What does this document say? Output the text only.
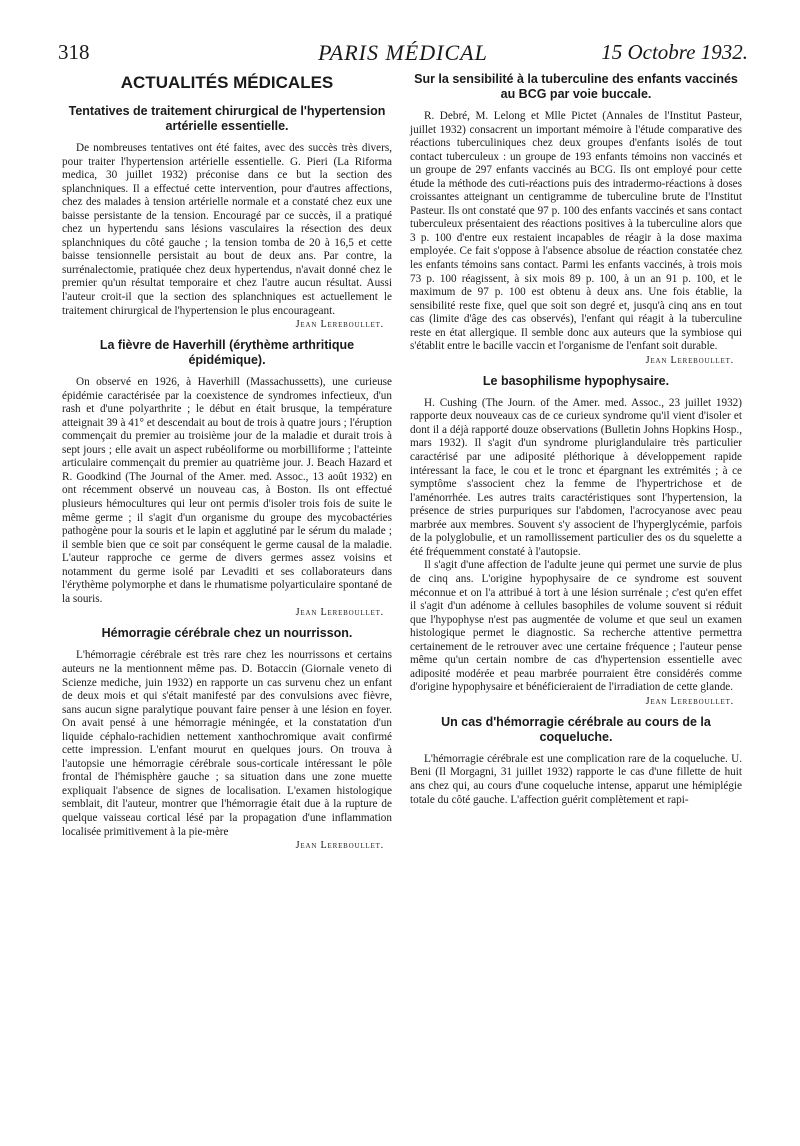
318	PARIS MÉDICAL	15 Octobre 1932.
ACTUALITÉS MÉDICALES
Tentatives de traitement chirurgical de l'hypertension artérielle essentielle.

De nombreuses tentatives ont été faites, avec des succès très divers, pour traiter l'hypertension artérielle essentielle. G. Pieri (La Riforma medica, 30 juillet 1932) préconise dans ce but la section des splanchniques. Il a effectué cette intervention, pour d'autres affections, chez des malades à tension artérielle normale et a constaté chez eux une baisse persistante de la tension. Encouragé par ce succès, il a pratiqué chez un hypertendu sans lésions vasculaires la résection des deux splanchniques du côté gauche ; la tension tomba de 20 à 16,5 et cette baisse tensionnelle persistait au bout de deux ans. Par contre, la surrénalectomie, pratiquée chez deux hypertendus, n'avait donné chez le premier qu'un résultat temporaire et chez l'autre aucun résultat. Aussi l'auteur croit-il que la section des splanchniques est actuellement le traitement chirurgical de l'hypertension le plus encourageant.

Jean Lereboullet.
La fièvre de Haverhill (érythème arthritique épidémique).

On observé en 1926, à Haverhill (Massachussetts), une curieuse épidémie caractérisée par la coexistence de syndromes infectieux, d'un rash et d'une polyarthrite ; le début en était brusque, la température atteignait 39 à 41° et descendait au bout de trois à quatre jours ; l'éruption commençait du premier au troisième jour de la maladie et durait trois à sept jours ; elle avait un aspect rubéoliforme ou morbilliforme ; l'atteinte articulaire commençait du premier au quatrième jour. J. Beach Hazard et R. Goodkind (The Journal of the Amer. med. Assoc., 13 août 1932) en ont récemment observé un nouveau cas, à Boston. Ils ont effectué plusieurs hémocultures qui leur ont permis d'isoler trois fois de suite le même germe ; il s'agit d'un organisme du groupe des mycobactéries pathogène pour la souris et le lapin et agglutiné par le sérum du malade ; il semble bien que ce soit par conséquent le germe causal de la maladie. L'auteur rapproche ce germe de divers germes assez voisins et notamment du germe isolé par Levaditi et ses collaborateurs dans l'érythème polymorphe et dans le rhumatisme polyarticulaire spontané de la souris.

Jean Lereboullet.
Hémorragie cérébrale chez un nourrisson.

L'hémorragie cérébrale est très rare chez les nourrissons et certains auteurs ne la mentionnent même pas. D. Botaccin (Giornale veneto di Scienze mediche, juin 1932) en rapporte un cas survenu chez un enfant de deux mois et qui s'était manifesté par des convulsions avec fièvre, sans aucun signe paralytique pouvant faire penser à une lésion en foyer. On avait pensé à une hémorragie méningée, et la constatation d'un liquide céphalo-rachidien nettement xanthochromique avait confirmé cette impression. L'enfant mourut en quelques jours. On trouva à l'autopsie une hémorragie cérébrale sous-corticale intéressant le pôle frontal de l'hémisphère gauche ; sa situation dans une zone muette expliquait l'absence de signes de localisation. L'examen histologique semblait, dit l'auteur, montrer que l'hémorragie était due à la rupture de quelque vaisseau cortical lésé par la propagation d'une inflammation localisée primitivement à la pie-mère

Jean Lereboullet.
Sur la sensibilité à la tuberculine des enfants vaccinés au BCG par voie buccale.

R. Debré, M. Lelong et Mlle Pictet (Annales de l'Institut Pasteur, juillet 1932) consacrent un important mémoire à l'étude comparative des réactions tuberculiniques chez deux groupes d'enfants isolés de tout contact tuberculeux : un groupe de 193 enfants témoins non vaccinés et un groupe de 297 enfants vaccinés au BCG. Ils ont employé pour cette étude la méthode des cuti-réactions puis des intradermo-réactions à doses croissantes atteignant un centigramme de tuberculine brute de l'Institut Pasteur. Ils ont constaté que 97 p. 100 des enfants vaccinés et sans contact tuberculeux présentaient des réactions positives à la tuberculine alors que 3 p. 100 d'entre eux restaient incapables de réagir à la dose maxima employée. Ce fait s'oppose à l'absence absolue de réaction constatée chez les enfants témoins sans contact. Parmi les enfants vaccinés, à trois mois 73 p. 100 réagissent, à six mois 89 p. 100, à un an 91 p. 100, et le maximum de 97 p. 100 est obtenu à deux ans. Une fois établie, la sensibilité reste fixe, quel que soit son degré et, jusqu'à cinq ans en tout cas (limite d'âge des cas observés), l'enfant qui réagit à la tuberculine reste en état allergique. Il semble donc aux auteurs que la symbiose qui s'établit entre le bacille vaccin et l'organisme de l'enfant soit durable.

Jean Lereboullet.
Le basophilisme hypophysaire.

H. Cushing (The Journ. of the Amer. med. Assoc., 23 juillet 1932) rapporte deux nouveaux cas de ce curieux syndrome qu'il vient d'isoler et dont il a déjà rapporté douze observations (Bulletin Johns Hopkins Hosp., mars 1932). Il s'agit d'un syndrome pluriglandulaire très particulier caractérisé par une adiposité pléthorique à développement rapide intéressant la face, le cou et le tronc et épargnant les extrémités ; à ce symptôme s'associent chez la femme de l'hypertrichose et de l'aménorrhée. Les autres traits caractéristiques sont l'hypertension, la présence de stries purpuriques sur l'abdomen, l'acrocyanose avec peau marbrée aux membres. Souvent s'y associent de l'hyperglycémie, parfois de la polyglobulie, et un ramollissement particulier des os du squelette a été fréquemment constaté à l'autopsie.

Il s'agit d'une affection de l'adulte jeune qui permet une survie de plus de cinq ans. L'origine hypophysaire de ce syndrome est souvent méconnue et on l'a attribué à tort à une lésion surrénale ; c'est qu'en effet il s'agit d'un adénome à cellules basophiles de volume souvent si réduit que l'hypophyse n'est pas augmentée de volume et que seul un examen histologique permet le diagnostic. Sa recherche attentive permettra certainement de le retrouver avec une certaine fréquence ; l'auteur pense même qu'un certain nombre de cas d'hypertension essentielle avec adiposité modérée et peau marbrée pourraient être considérés comme d'origine hypophysaire et bénéficieraient de l'irradiation de cette glande.

Jean Lereboullet.
Un cas d'hémorragie cérébrale au cours de la coqueluche.

L'hémorragie cérébrale est une complication rare de la coqueluche. U. Beni (Il Morgagni, 31 juillet 1932) rapporte le cas d'une fillette de huit ans chez qui, au cours d'une coqueluche intense, apparut une hémiplégie totale du côté gauche. L'affection guérit complètement et rapi-
